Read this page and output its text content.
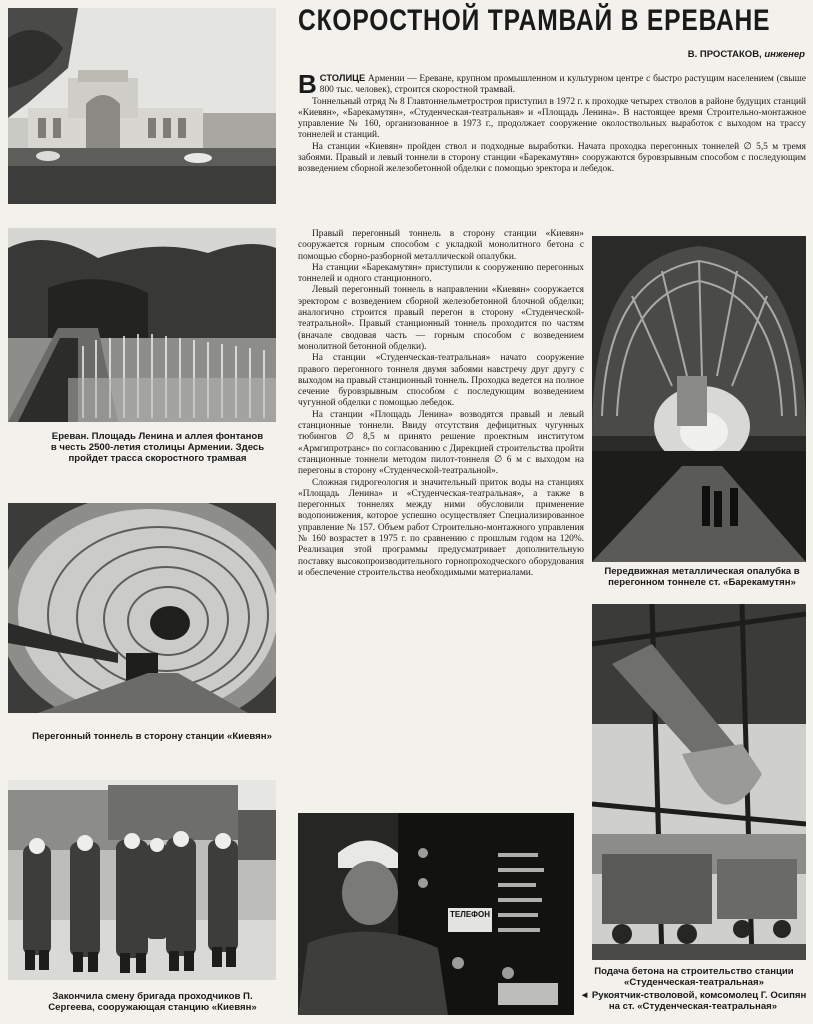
Ереван. Площадь Ленина и аллея фонтанов в честь 2500-летия столицы Армении. Здесь пройдет трасса скоростного трамвая
Перегонный тоннель в сторону станции «Киевян»
Закончила смену бригада проходчиков П. Сергеева, сооружающая станцию «Киевян»
СКОРОСТНОЙ ТРАМВАЙ В ЕРЕВАНЕ
В. ПРОСТАКОВ, инженер

ВСТОЛИЦЕ Армении — Ереване, крупном промышленном и культурном центре с быстро растущим населением (свыше 800 тыс. человек), строится скоростной трамвай.

Тоннельный отряд № 8 Главтоннельметростроя приступил в 1972 г. к проходке четырех стволов в районе будущих станций «Киевян», «Барекамутян», «Студенческая-театральная» и «Площадь Ленина». В настоящее время Строительно-монтажное управление № 160, организованное в 1973 г., продолжает сооружение околоствольных выработок с выходом на трассу тоннелей и станций.

На станции «Киевян» пройден ствол и подходные выработки. Начата проходка перегонных тоннелей ∅ 5,5 м тремя забоями. Правый и левый тоннели в сторону станции «Барекамутян» сооружаются буровзрывным способом с последующим возведением сборной железобетонной обделки с помощью эректора и лебедок.

Правый перегонный тоннель в сторону станции «Киевян» сооружается горным способом с укладкой монолитного бетона с помощью сборно-разборной металлической опалубки.

На станции «Барекамутян» приступили к сооружению перегонных тоннелей и одного станционного.

Левый перегонный тоннель в направлении «Киевян» сооружается эректором с возведением сборной железобетонной блочной обделки; аналогично строится правый перегон в сторону «Студенческой-театральной». Правый станционный тоннель проходится по частям (вначале сводовая часть — горным способом с возведением монолитной бетонной обделки).

На станции «Студенческая-театральная» начато сооружение правого перегонного тоннеля двумя забоями навстречу друг другу с выходом на правый станционный тоннель. Проходка ведется на полное сечение буровзрывным способом с последующим возведением чугунной обделки с помощью лебедок.

На станции «Площадь Ленина» возводятся правый и левый станционные тоннели. Ввиду отсутствия дефицитных чугунных тюбингов ∅ 8,5 м принято решение проектным институтом «Армгипротранс» по согласованию с Дирекцией строительства пройти станционные тоннели методом пилот-тоннеля ∅ 6 м с выходом на перегоны в сторону «Студенческой-театральной».

Сложная гидрогеология и значительный приток воды на станциях «Площадь Ленина» и «Студенческая-театральная», а также в перегонных тоннелях между ними обусловили применение водопонижения, которое успешно осуществляет Специализированное управление № 157. Объем работ Строительно-монтажного управления № 160 возрастет в 1975 г. по сравнению с прошлым годом на 120%. Реализация этой программы предусматривает дополнительную поставку высокопроизводительного горнопроходческого оборудования и обеспечение строительства необходимыми материалами.	Передвижная металлическая опалубка в перегонном тоннеле ст. «Барекамутян»
Подача бетона на строительство станции «Студенческая-театральная»
◄ Рукоятчик-стволовой, комсомолец Г. Осипян на ст. «Студенческая-театральная»
ТЕЛЕФОН
